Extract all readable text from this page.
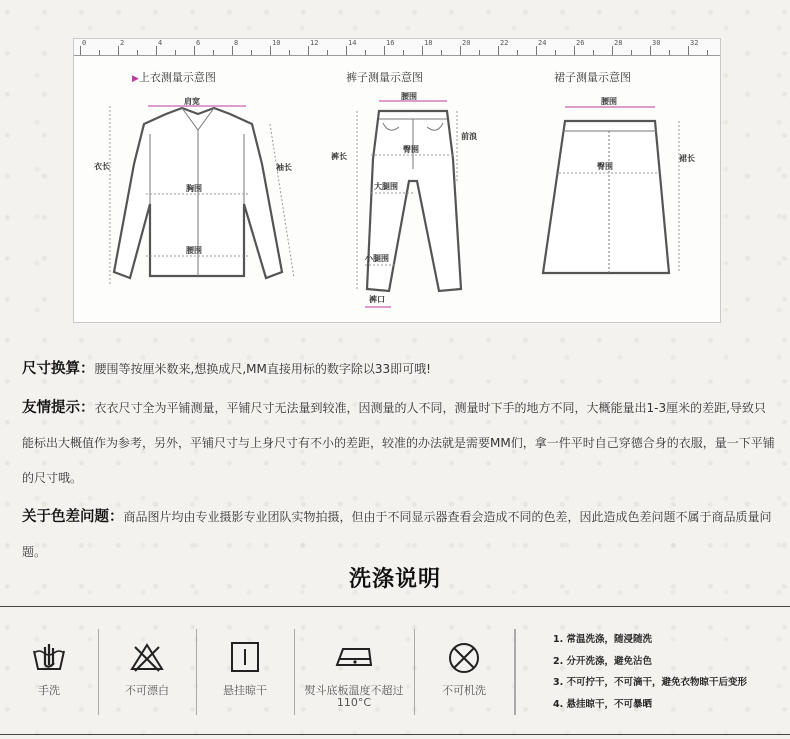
0	2	4	6	8	10	12	14	16	18	20	22	24	26	28	30	32
▶上衣测量示意图
肩宽
衣长	袖长
胸围
腰围
裤子测量示意图
腰围
裤长
前浪
臀围
大腿围
小腿围
裤口
裙子测量示意图
腰围
裙长
臀围
尺寸换算：腰围等按厘米数来,想换成尺,MM直接用标的数字除以33即可哦!
友情提示：衣衣尺寸全为平铺测量，平铺尺寸无法量到较准，因测量的人不同，测量时下手的地方不同，大概能量出1-3厘米的差距,导致只能标出大概值作为参考，另外，平铺尺寸与上身尺寸有不小的差距，较准的办法就是需要MM们，拿一件平时自己穿德合身的衣服，量一下平铺的尺寸哦。
关于色差问题：商品图片均由专业摄影专业团队实物拍摄，但由于不同显示器查看会造成不同的色差，因此造成色差问题不属于商品质量问题。
洗涤说明
手洗	不可漂白	悬挂晾干	熨斗底板温度不超过110°C
不可机洗
1. 常温洗涤，随浸随洗
2. 分开洗涤，避免沾色
3. 不可拧干，不可滴干，避免衣物晾干后变形
4. 悬挂晾干，不可暴晒
